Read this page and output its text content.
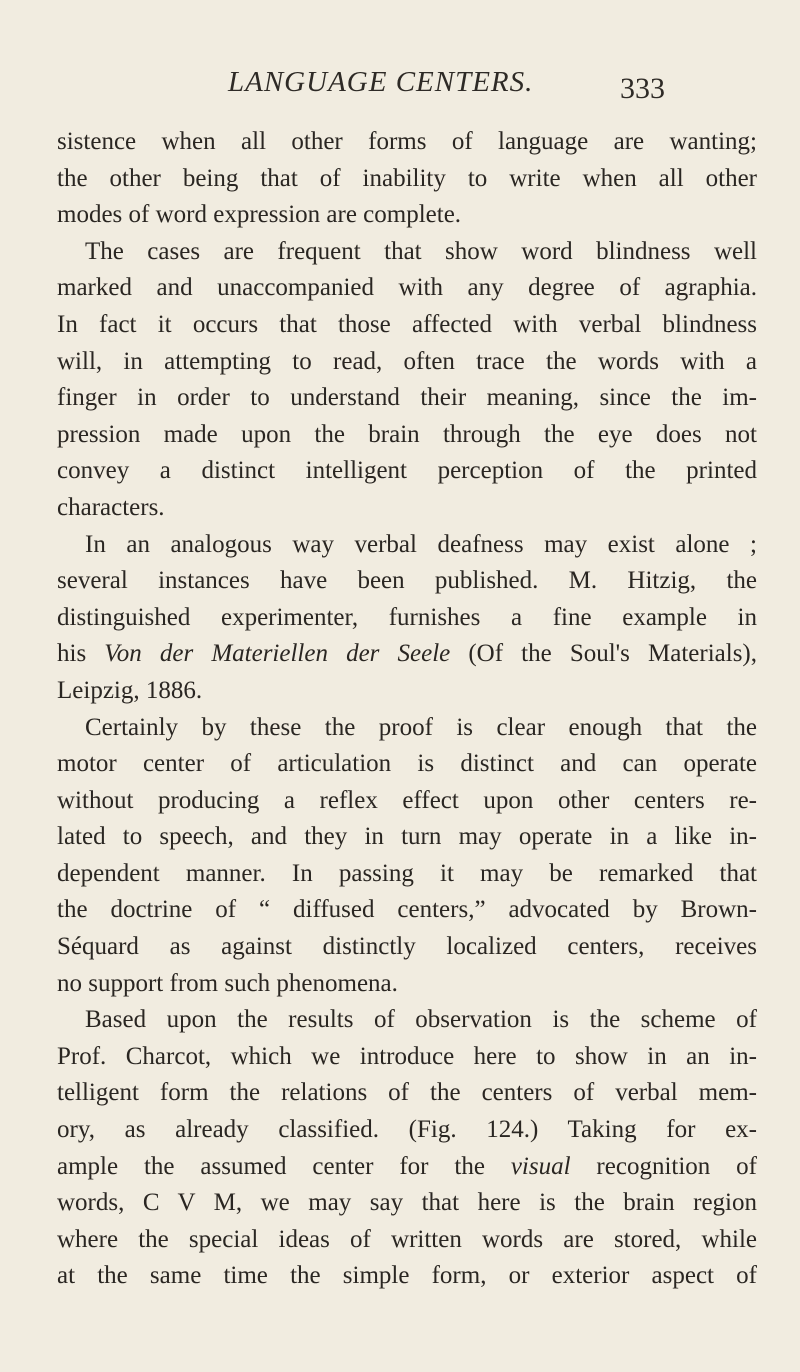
LANGUAGE CENTERS.	333
sistence when all other forms of language are wanting;
the other being that of inability to write when all other
modes of word expression are complete.
The cases are frequent that show word blindness well
marked and unaccompanied with any degree of agraphia.
In fact it occurs that those affected with verbal blindness
will, in attempting to read, often trace the words with a
finger in order to understand their meaning, since the im-
pression made upon the brain through the eye does not
convey a distinct intelligent perception of the printed
characters.
In an analogous way verbal deafness may exist alone ;
several instances have been published. M. Hitzig, the
distinguished experimenter, furnishes a fine example in
his Von der Materiellen der Seele (Of the Soul's Materials),
Leipzig, 1886.
Certainly by these the proof is clear enough that the
motor center of articulation is distinct and can operate
without producing a reflex effect upon other centers re-
lated to speech, and they in turn may operate in a like in-
dependent manner. In passing it may be remarked that
the doctrine of “ diffused centers,” advocated by Brown-
Séquard as against distinctly localized centers, receives
no support from such phenomena.
Based upon the results of observation is the scheme of
Prof. Charcot, which we introduce here to show in an in-
telligent form the relations of the centers of verbal mem-
ory, as already classified. (Fig. 124.) Taking for ex-
ample the assumed center for the visual recognition of
words, C V M, we may say that here is the brain region
where the special ideas of written words are stored, while
at the same time the simple form, or exterior aspect of
